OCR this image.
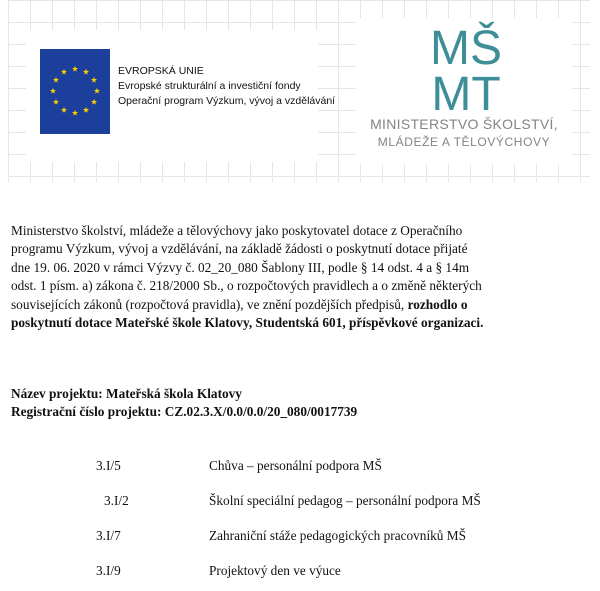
EVROPSKÁ UNIE
Evropské strukturální a investiční fondy
Operační program Výzkum, vývoj a vzdělávání
MŠ
MT
MINISTERSTVO ŠKOLSTVÍ,
MLÁDEŽE A TĚLOVÝCHOVY
Ministerstvo školství, mládeže a tělovýchovy jako poskytovatel dotace z Operačního
programu Výzkum, vývoj a vzdělávání, na základě žádosti o poskytnutí dotace přijaté
dne 19. 06. 2020 v rámci Výzvy č. 02_20_080 Šablony III, podle § 14 odst. 4 a § 14m
odst. 1 písm. a) zákona č. 218/2000 Sb., o rozpočtových pravidlech a o změně některých
souvisejících zákonů (rozpočtová pravidla), ve znění pozdějších předpisů, rozhodlo o
poskytnutí dotace Mateřské škole Klatovy, Studentská 601, příspěvkové organizaci.
Název projektu: Mateřská škola Klatovy
Registrační číslo projektu: CZ.02.3.X/0.0/0.0/20_080/0017739
3.I/5	Chůva – personální podpora MŠ
3.I/2	Školní speciální pedagog – personální podpora MŠ
3.I/7	Zahraniční stáže pedagogických pracovníků MŠ
3.I/9	Projektový den ve výuce
